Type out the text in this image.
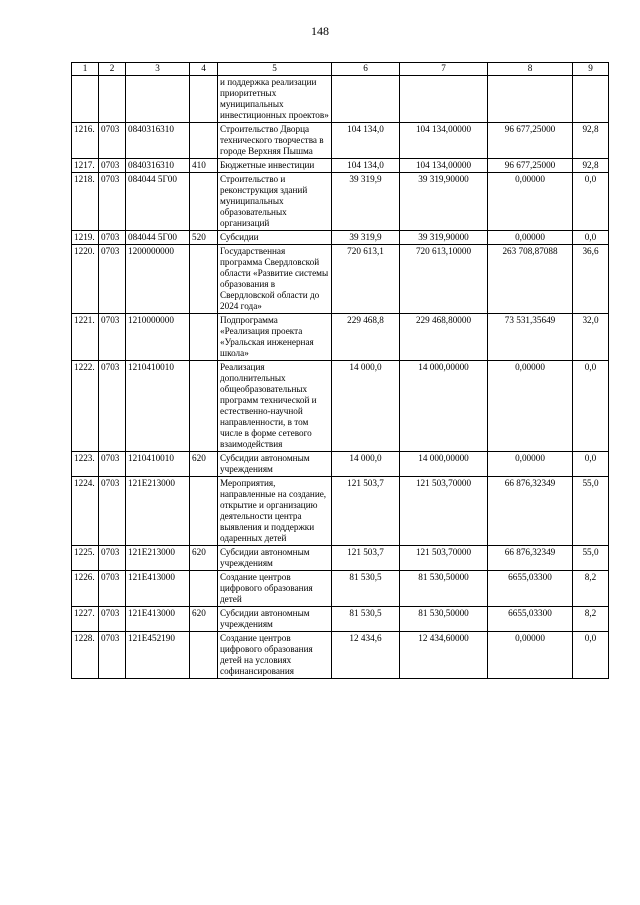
148
1	2	3	4	5	6	7	8	9
				и поддержка реализации приоритетных муниципальных инвестиционных проектов»				
1216.	0703	0840316310		Строительство Дворца технического творчества в городе Верхняя Пышма	104 134,0	104 134,00000	96 677,25000	92,8
1217.	0703	0840316310	410	Бюджетные инвестиции	104 134,0	104 134,00000	96 677,25000	92,8
1218.	0703	084044 5Г00		Строительство и реконструкция зданий муниципальных образовательных организаций	39 319,9	39 319,90000	0,00000	0,0
1219.	0703	084044 5Г00	520	Субсидии	39 319,9	39 319,90000	0,00000	0,0
1220.	0703	1200000000		Государственная программа Свердловской области «Развитие системы образования в Свердловской области до 2024 года»	720 613,1	720 613,10000	263 708,87088	36,6
1221.	0703	1210000000		Подпрограмма «Реализация проекта «Уральская инженерная школа»	229 468,8	229 468,80000	73 531,35649	32,0
1222.	0703	1210410010		Реализация дополнительных общеобразовательных программ технической и естественно-научной направленности, в том числе в форме сетевого взаимодействия	14 000,0	14 000,00000	0,00000	0,0
1223.	0703	1210410010	620	Субсидии автономным учреждениям	14 000,0	14 000,00000	0,00000	0,0
1224.	0703	121E213000		Мероприятия, направленные на создание, открытие и организацию деятельности центра выявления и поддержки одаренных детей	121 503,7	121 503,70000	66 876,32349	55,0
1225.	0703	121E213000	620	Субсидии автономным учреждениям	121 503,7	121 503,70000	66 876,32349	55,0
1226.	0703	121E413000		Создание центров цифрового образования детей	81 530,5	81 530,50000	6655,03300	8,2
1227.	0703	121E413000	620	Субсидии автономным учреждениям	81 530,5	81 530,50000	6655,03300	8,2
1228.	0703	121E452190		Создание центров цифрового образования детей на условиях софинансирования	12 434,6	12 434,60000	0,00000	0,0
